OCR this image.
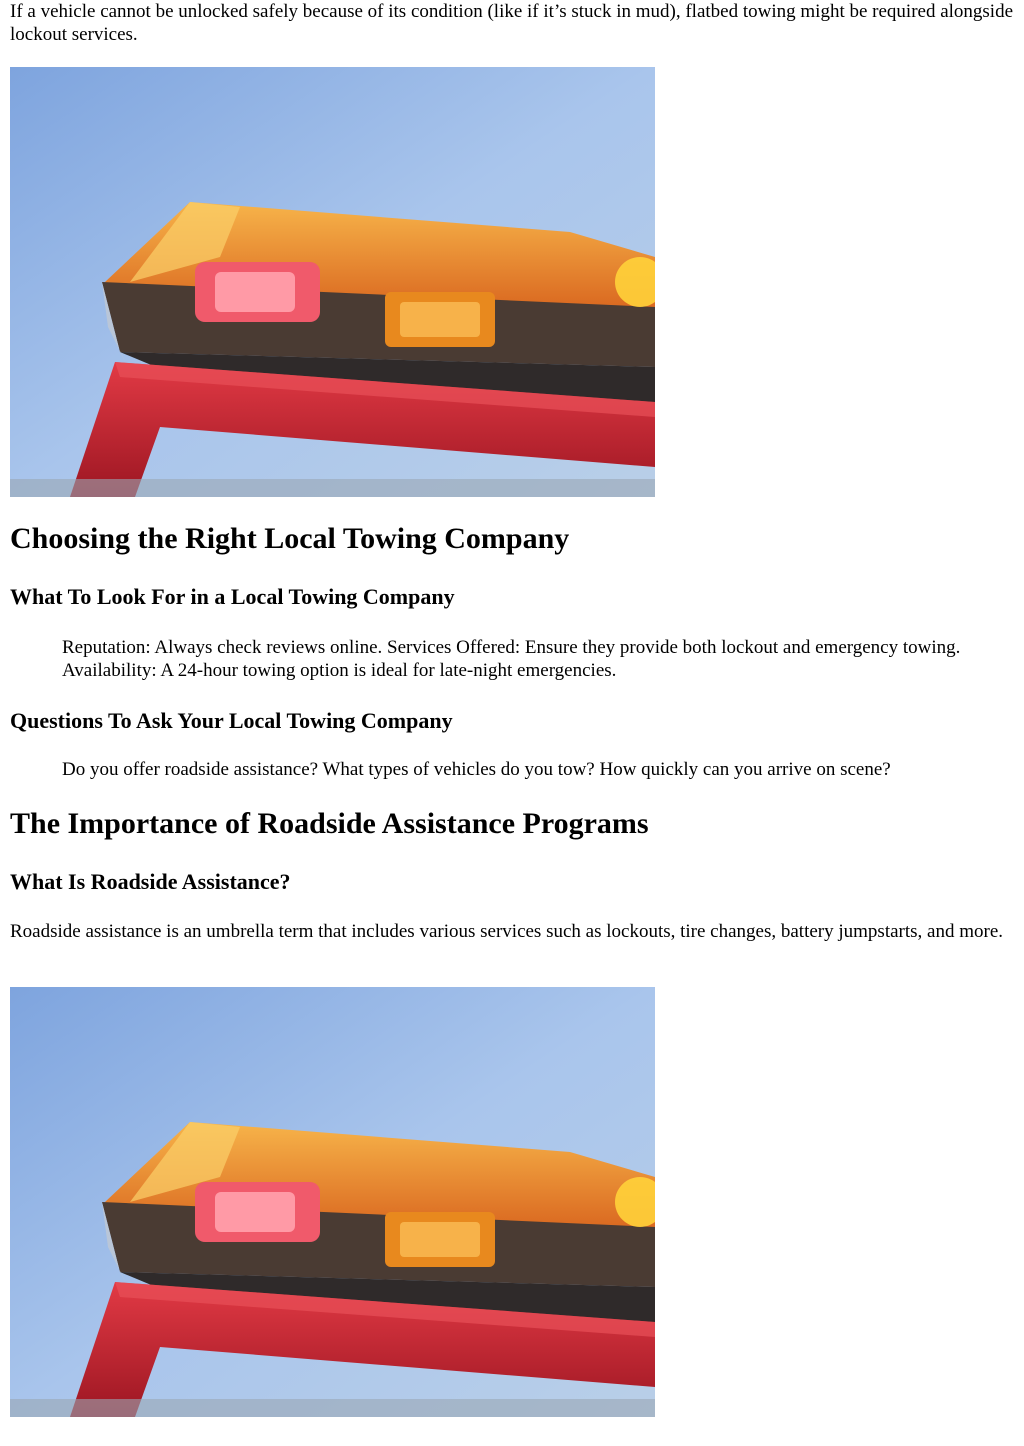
If a vehicle cannot be unlocked safely because of its condition (like if it’s stuck in mud), flatbed towing might be required alongside lockout services.

Choosing the Right Local Towing Company
What To Look For in a Local Towing Company

Reputation: Always check reviews online. Services Offered: Ensure they provide both lockout and emergency towing. Availability: A 24-hour towing option is ideal for late-night emergencies.

Questions To Ask Your Local Towing Company

Do you offer roadside assistance? What types of vehicles do you tow? How quickly can you arrive on scene?

The Importance of Roadside Assistance Programs
What Is Roadside Assistance?

Roadside assistance is an umbrella term that includes various services such as lockouts, tire changes, battery jumpstarts, and more.
